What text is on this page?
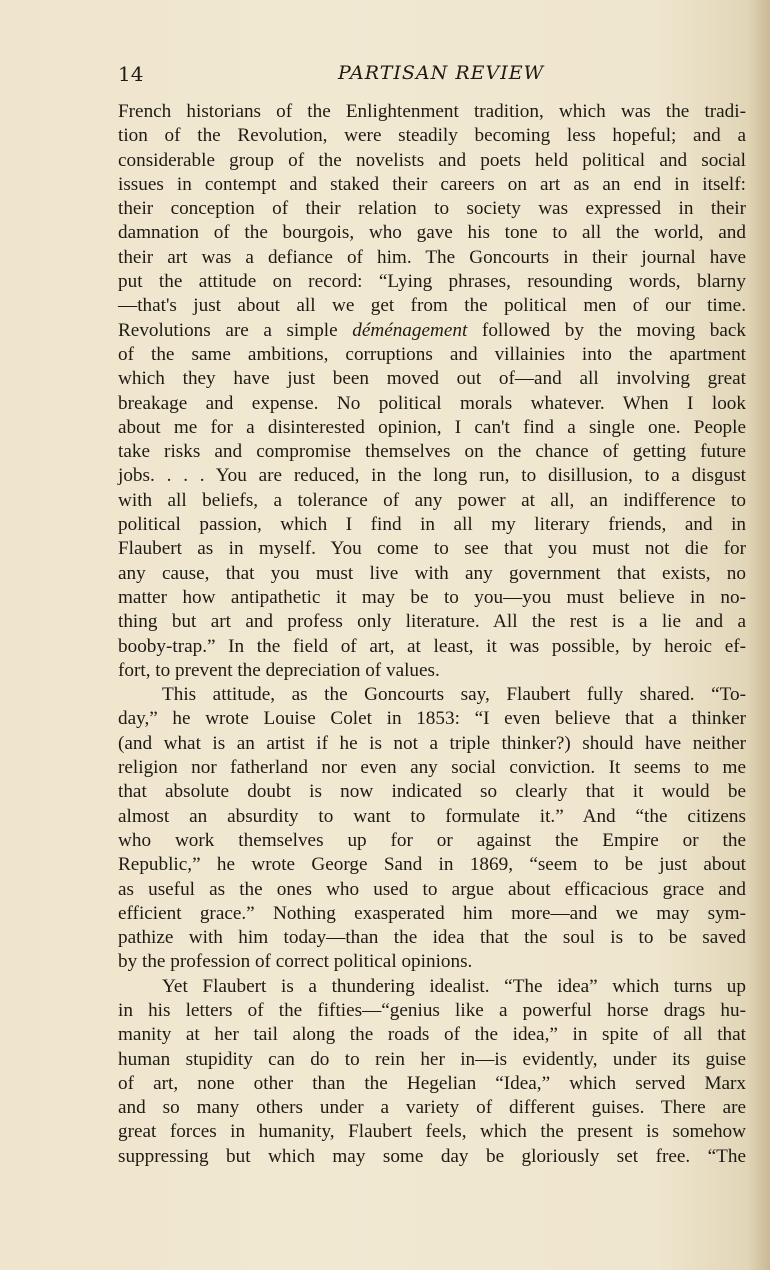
14	PARTISAN REVIEW

French historians of the Enlightenment tradition, which was the tradi-
tion of the Revolution, were steadily becoming less hopeful; and a
considerable group of the novelists and poets held political and social
issues in contempt and staked their careers on art as an end in itself:
their conception of their relation to society was expressed in their
damnation of the bourgois, who gave his tone to all the world, and
their art was a defiance of him. The Goncourts in their journal have
put the attitude on record: “Lying phrases, resounding words, blarny
—that's just about all we get from the political men of our time.
Revolutions are a simple déménagement followed by the moving back
of the same ambitions, corruptions and villainies into the apartment
which they have just been moved out of—and all involving great
breakage and expense. No political morals whatever. When I look
about me for a disinterested opinion, I can't find a single one. People
take risks and compromise themselves on the chance of getting future
jobs. . . . You are reduced, in the long run, to disillusion, to a disgust
with all beliefs, a tolerance of any power at all, an indifference to
political passion, which I find in all my literary friends, and in
Flaubert as in myself. You come to see that you must not die for
any cause, that you must live with any government that exists, no
matter how antipathetic it may be to you—you must believe in no-
thing but art and profess only literature. All the rest is a lie and a
booby-trap.” In the field of art, at least, it was possible, by heroic ef-
fort, to prevent the depreciation of values.

This attitude, as the Goncourts say, Flaubert fully shared. “To-
day,” he wrote Louise Colet in 1853: “I even believe that a thinker
(and what is an artist if he is not a triple thinker?) should have neither
religion nor fatherland nor even any social conviction. It seems to me
that absolute doubt is now indicated so clearly that it would be
almost an absurdity to want to formulate it.” And “the citizens
who work themselves up for or against the Empire or the
Republic,” he wrote George Sand in 1869, “seem to be just about
as useful as the ones who used to argue about efficacious grace and
efficient grace.” Nothing exasperated him more—and we may sym-
pathize with him today—than the idea that the soul is to be saved
by the profession of correct political opinions.

Yet Flaubert is a thundering idealist. “The idea” which turns up
in his letters of the fifties—“genius like a powerful horse drags hu-
manity at her tail along the roads of the idea,” in spite of all that
human stupidity can do to rein her in—is evidently, under its guise
of art, none other than the Hegelian “Idea,” which served Marx
and so many others under a variety of different guises. There are
great forces in humanity, Flaubert feels, which the present is somehow
suppressing but which may some day be gloriously set free. “The
